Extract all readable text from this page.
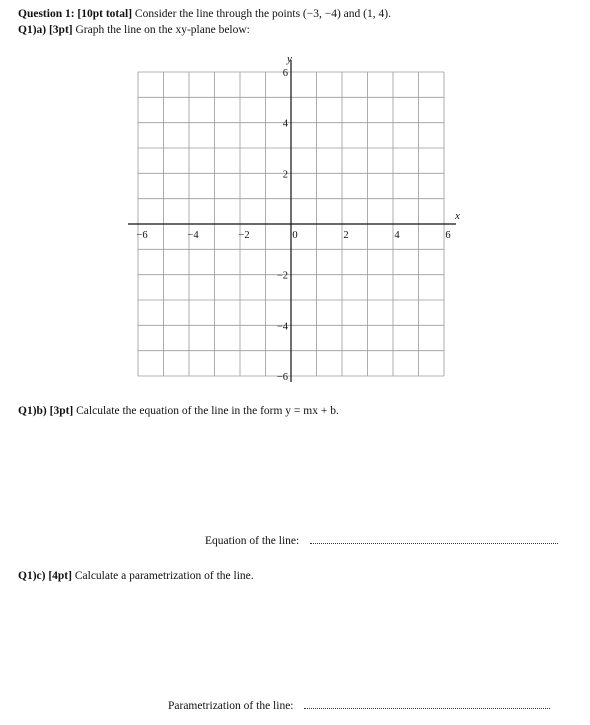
Question 1: [10pt total] Consider the line through the points (−3, −4) and (1, 4).
Q1)a) [3pt] Graph the line on the xy-plane below:
x
y
−6	−4	−2	0	2	4	6
−6
−4
−2
2
4
6
Q1)b) [3pt] Calculate the equation of the line in the form y = mx + b.
Equation of the line:
Q1)c) [4pt] Calculate a parametrization of the line.
Parametrization of the line:
